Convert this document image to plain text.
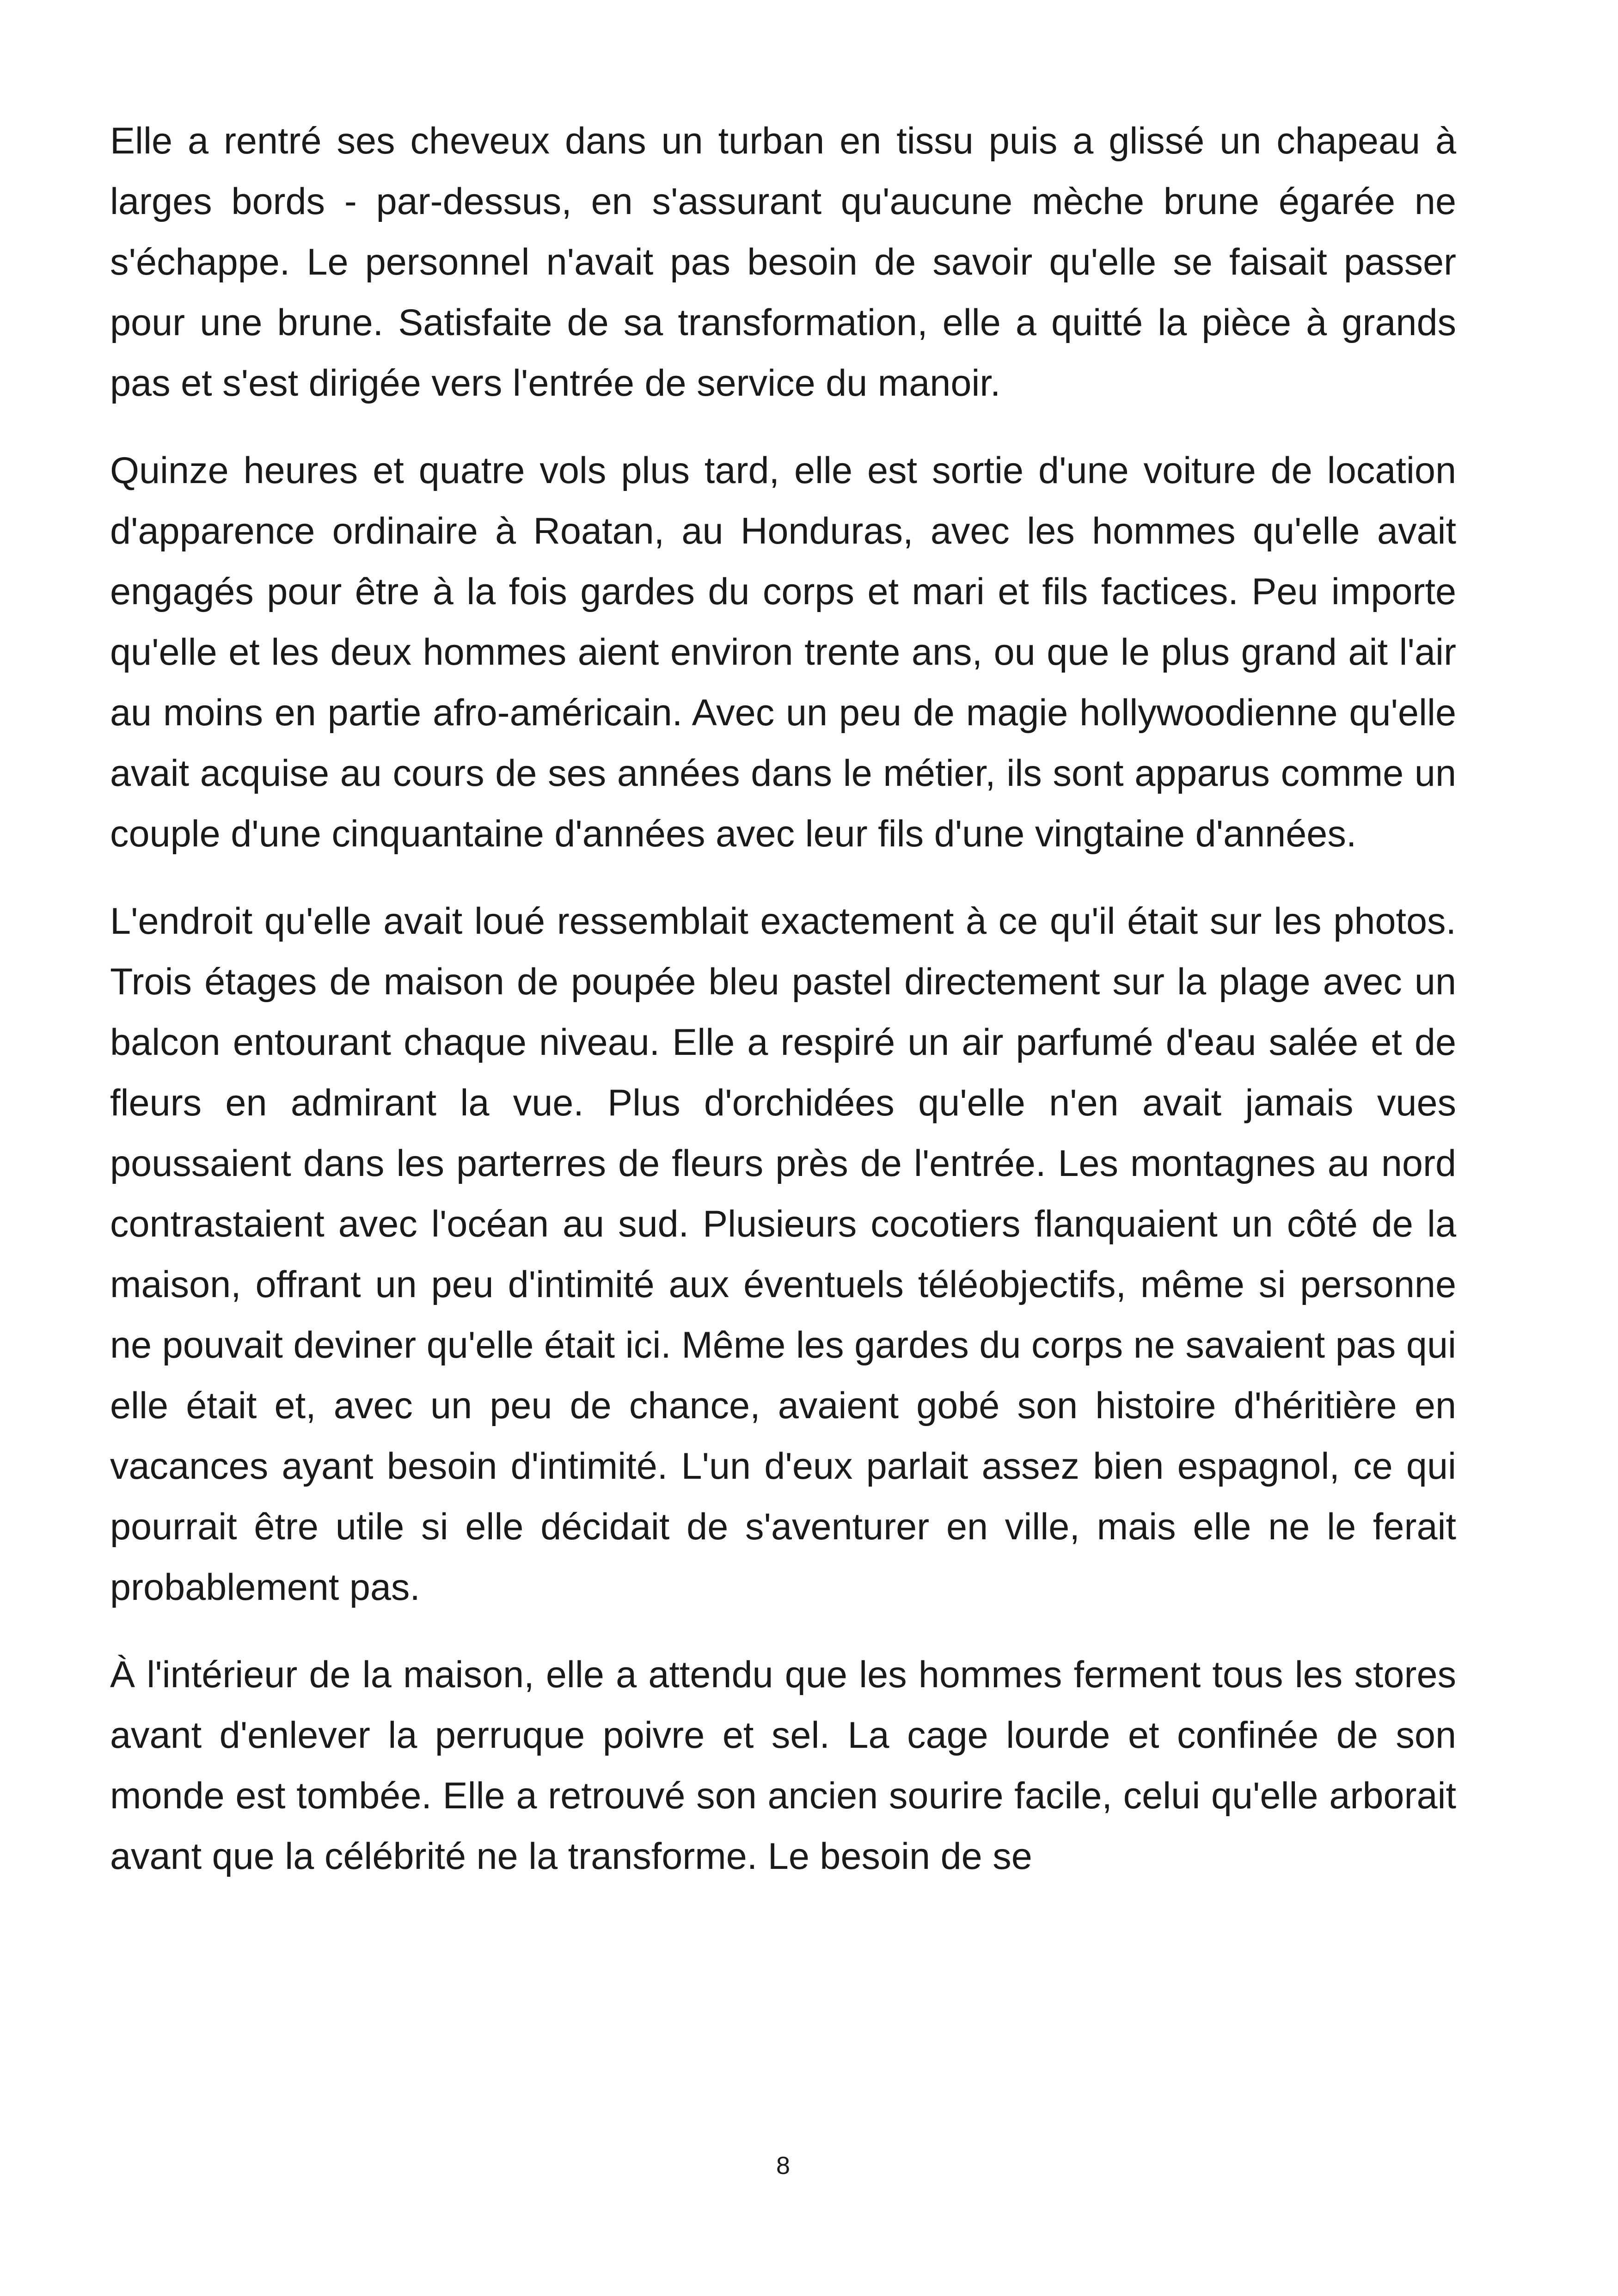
Elle a rentré ses cheveux dans un turban en tissu puis a glissé un chapeau à larges bords - par-dessus, en s'assurant qu'aucune mèche brune égarée ne s'échappe. Le personnel n'avait pas besoin de savoir qu'elle se faisait passer pour une brune. Satisfaite de sa transformation, elle a quitté la pièce à grands pas et s'est dirigée vers l'entrée de service du manoir.

Quinze heures et quatre vols plus tard, elle est sortie d'une voiture de location d'apparence ordinaire à Roatan, au Honduras, avec les hommes qu'elle avait engagés pour être à la fois gardes du corps et mari et fils factices. Peu importe qu'elle et les deux hommes aient environ trente ans, ou que le plus grand ait l'air au moins en partie afro-américain. Avec un peu de magie hollywoodienne qu'elle avait acquise au cours de ses années dans le métier, ils sont apparus comme un couple d'une cinquantaine d'années avec leur fils d'une vingtaine d'années.

L'endroit qu'elle avait loué ressemblait exactement à ce qu'il était sur les photos. Trois étages de maison de poupée bleu pastel directement sur la plage avec un balcon entourant chaque niveau. Elle a respiré un air parfumé d'eau salée et de fleurs en admirant la vue. Plus d'orchidées qu'elle n'en avait jamais vues poussaient dans les parterres de fleurs près de l'entrée. Les montagnes au nord contrastaient avec l'océan au sud. Plusieurs cocotiers flanquaient un côté de la maison, offrant un peu d'intimité aux éventuels téléobjectifs, même si personne ne pouvait deviner qu'elle était ici. Même les gardes du corps ne savaient pas qui elle était et, avec un peu de chance, avaient gobé son histoire d'héritière en vacances ayant besoin d'intimité. L'un d'eux parlait assez bien espagnol, ce qui pourrait être utile si elle décidait de s'aventurer en ville, mais elle ne le ferait probablement pas.

À l'intérieur de la maison, elle a attendu que les hommes ferment tous les stores avant d'enlever la perruque poivre et sel. La cage lourde et confinée de son monde est tombée. Elle a retrouvé son ancien sourire facile, celui qu'elle arborait avant que la célébrité ne la transforme. Le besoin de se

8
